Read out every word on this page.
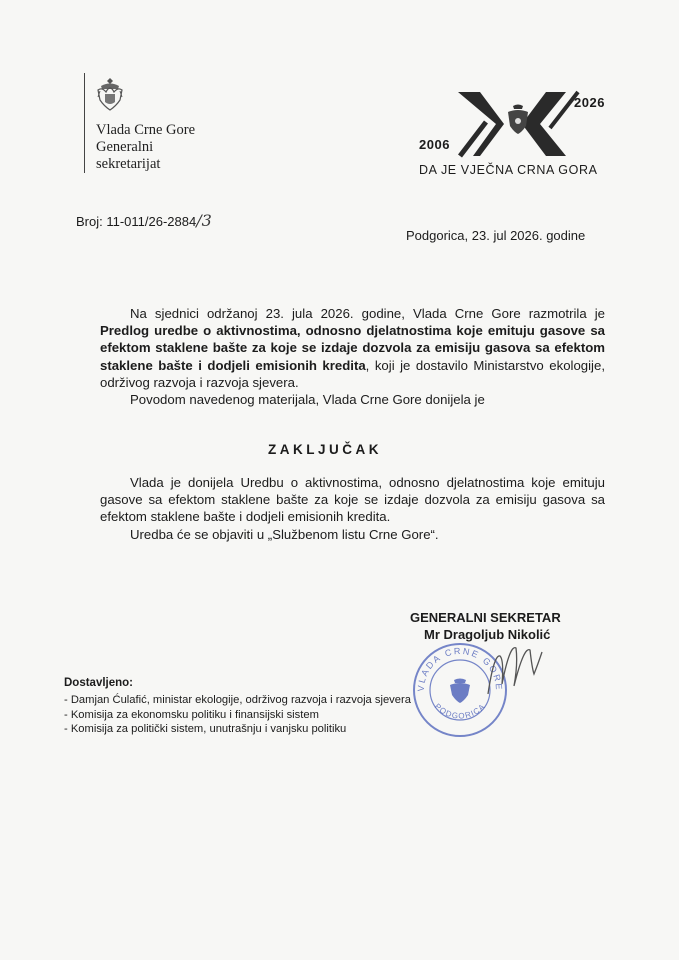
Vlada Crne Gore
Generalni
sekretarijat
2006
2026
DA JE VJEČNA CRNA GORA
Broj: 11-011/26-2884/3
Podgorica, 23. jul 2026. godine

Na sjednici održanoj 23. jula 2026. godine, Vlada Crne Gore razmotrila je Predlog uredbe o aktivnostima, odnosno djelatnostima koje emituju gasove sa efektom staklene bašte za koje se izdaje dozvola za emisiju gasova sa efektom staklene bašte i dodjeli emisionih kredita, koji je dostavilo Ministarstvo ekologije, održivog razvoja i razvoja sjevera.

Povodom navedenog materijala, Vlada Crne Gore donijela je

ZAKLJUČAK

Vlada je donijela Uredbu o aktivnostima, odnosno djelatnostima koje emituju gasove sa efektom staklene bašte za koje se izdaje dozvola za emisiju gasova sa efektom staklene bašte i dodjeli emisionih kredita.

Uredba će se objaviti u „Službenom listu Crne Gore“.

GENERALNI SEKRETAR
Mr Dragoljub Nikolić
VLADA CRNE GORE
PODGORICA
Dostavljeno:
- Damjan Ćulafić, ministar ekologije, održivog razvoja i razvoja sjevera
- Komisija za ekonomsku politiku i finansijski sistem
- Komisija za politički sistem, unutrašnju i vanjsku politiku
